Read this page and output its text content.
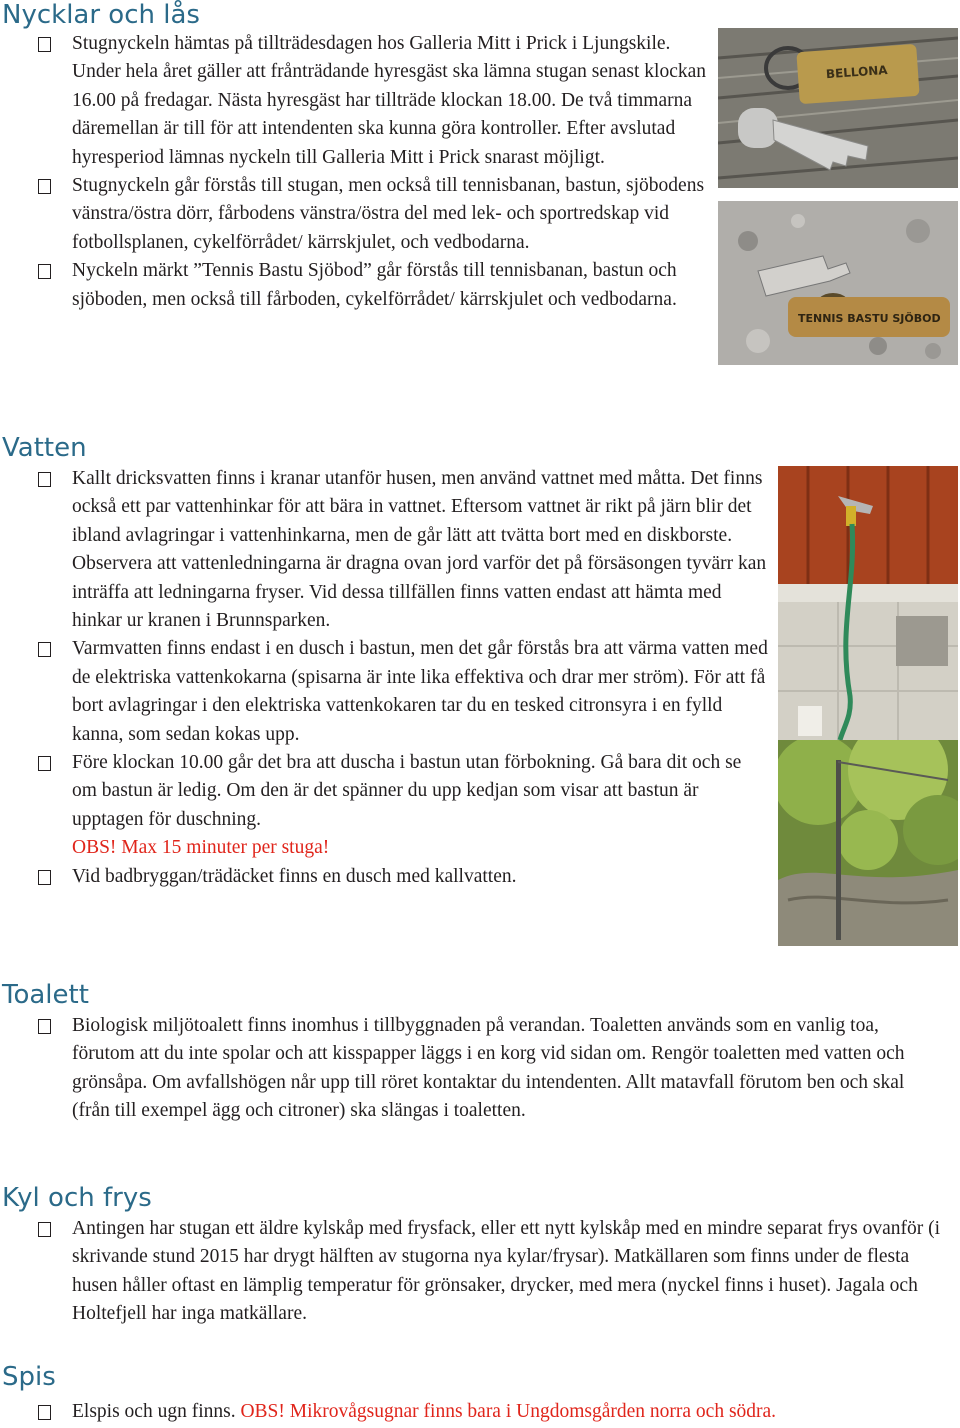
Nycklar och lås
Stugnyckeln hämtas på tillträdesdagen hos Galleria Mitt i Prick i Ljungskile. Under hela året gäller att frånträdande hyresgäst ska lämna stugan senast klockan 16.00 på fredagar. Nästa hyresgäst har tillträde klockan 18.00. De två timmarna däremellan är till för att intendenten ska kunna göra kontroller. Efter avslutad hyresperiod lämnas nyckeln till Galleria Mitt i Prick snarast möjligt.
Stugnyckeln går förstås till stugan, men också till tennisbanan, bastun, sjöbodens vänstra/östra dörr, fårbodens vänstra/östra del med lek- och sportredskap vid fotbollsplanen, cykelförrådet/ kärrskjulet, och vedbodarna.
Nyckeln märkt ”Tennis Bastu Sjöbod” går förstås till tennisbanan, bastun och sjöboden, men också till fårboden, cykelförrådet/ kärrskjulet och vedbodarna.
BELLONA
TENNIS BASTU SJÖBOD
Vatten
Kallt dricksvatten finns i kranar utanför husen, men använd vattnet med måtta. Det finns också ett par vattenhinkar för att bära in vattnet. Eftersom vattnet är rikt på järn blir det ibland avlagringar i vattenhinkarna, men de går lätt att tvätta bort med en diskborste. Observera att vattenledningarna är dragna ovan jord varför det på försäsongen tyvärr kan inträffa att ledningarna fryser. Vid dessa tillfällen finns vatten endast att hämta med hinkar ur kranen i Brunnsparken.
Varmvatten finns endast i en dusch i bastun, men det går förstås bra att värma vatten med de elektriska vattenkokarna (spisarna är inte lika effektiva och drar mer ström). För att få bort avlagringar i den elektriska vattenkokaren tar du en tesked citronsyra i en fylld kanna, som sedan kokas upp.
Före klockan 10.00 går det bra att duscha i bastun utan förbokning. Gå bara dit och se om bastun är ledig. Om den är det spänner du upp kedjan som visar att bastun är upptagen för duschning.
OBS! Max 15 minuter per stuga!
Vid badbryggan/trädäcket finns en dusch med kallvatten.
Toalett
Biologisk miljötoalett finns inomhus i tillbyggnaden på verandan. Toaletten används som en vanlig toa, förutom att du inte spolar och att kisspapper läggs i en korg vid sidan om. Rengör toaletten med vatten och grönsåpa. Om avfallshögen når upp till röret kontaktar du intendenten. Allt matavfall förutom ben och skal (från till exempel ägg och citroner) ska slängas i toaletten.
Kyl och frys
Antingen har stugan ett äldre kylskåp med frysfack, eller ett nytt kylskåp med en mindre separat frys ovanför (i skrivande stund 2015 har drygt hälften av stugorna nya kylar/frysar). Matkällaren som finns under de flesta husen håller oftast en lämplig temperatur för grönsaker, drycker, med mera (nyckel finns i huset). Jagala och Holtefjell har inga matkällare.
Spis
Elspis och ugn finns. OBS! Mikrovågsugnar finns bara i Ungdomsgården norra och södra.
